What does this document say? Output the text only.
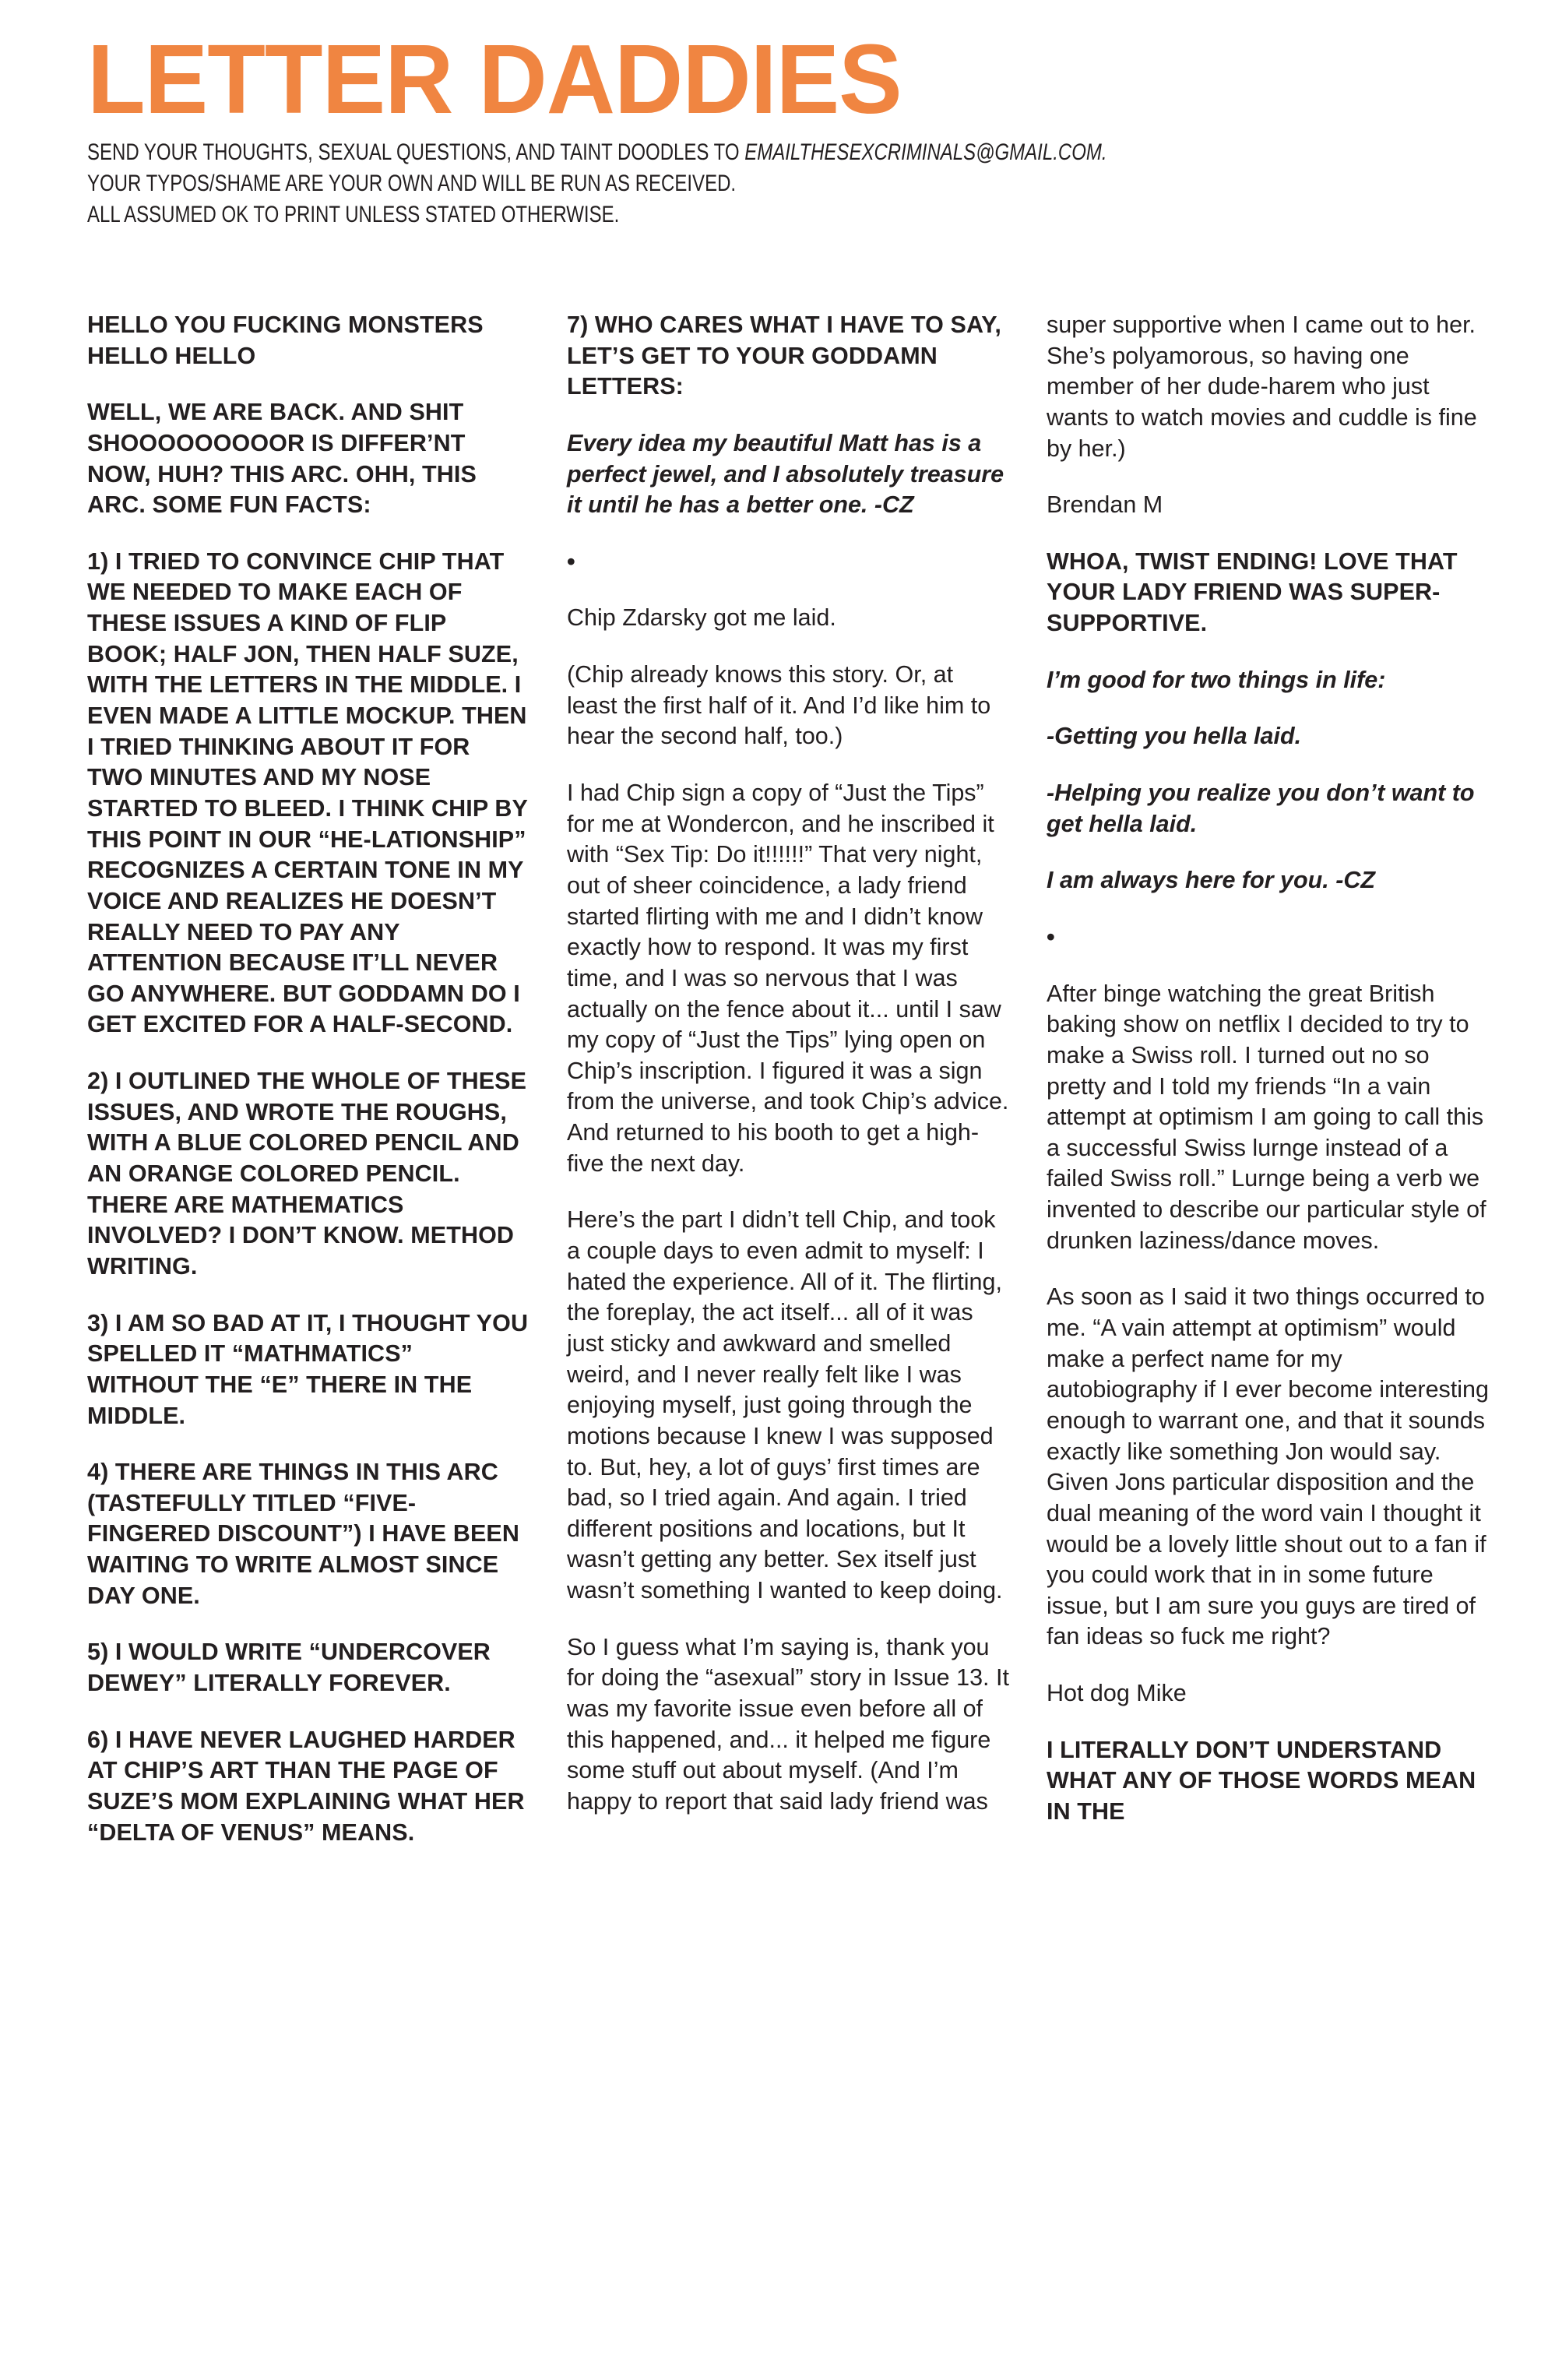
LETTER DADDIES
SEND YOUR THOUGHTS, SEXUAL QUESTIONS, AND TAINT DOODLES TO EMAILTHESEXCRIMINALS@GMAIL.COM.
YOUR TYPOS/SHAME ARE YOUR OWN AND WILL BE RUN AS RECEIVED.
ALL ASSUMED OK TO PRINT UNLESS STATED OTHERWISE.

HELLO YOU FUCKING MONSTERS HELLO HELLO

WELL, WE ARE BACK. AND SHIT SHOOOOOOOOOR IS DIFFER’NT NOW, HUH? THIS ARC. OHH, THIS ARC. SOME FUN FACTS:

1) I TRIED TO CONVINCE CHIP THAT WE NEEDED TO MAKE EACH OF THESE ISSUES A KIND OF FLIP BOOK; HALF JON, THEN HALF SUZE, WITH THE LETTERS IN THE MIDDLE. I EVEN MADE A LITTLE MOCKUP. THEN I TRIED THINKING ABOUT IT FOR TWO MINUTES AND MY NOSE STARTED TO BLEED. I THINK CHIP BY THIS POINT IN OUR “HE-LATIONSHIP” RECOGNIZES A CERTAIN TONE IN MY VOICE AND REALIZES HE DOESN’T REALLY NEED TO PAY ANY ATTENTION BECAUSE IT’LL NEVER GO ANYWHERE. BUT GODDAMN DO I GET EXCITED FOR A HALF-SECOND.

2) I OUTLINED THE WHOLE OF THESE ISSUES, AND WROTE THE ROUGHS, WITH A BLUE COLORED PENCIL AND AN ORANGE COLORED PENCIL. THERE ARE MATHEMATICS INVOLVED? I DON’T KNOW. METHOD WRITING.

3) I AM SO BAD AT IT, I THOUGHT YOU SPELLED IT “MATHMATICS” WITHOUT THE “E” THERE IN THE MIDDLE.

4) THERE ARE THINGS IN THIS ARC (TASTEFULLY TITLED “FIVE-FINGERED DISCOUNT”) I HAVE BEEN WAITING TO WRITE ALMOST SINCE DAY ONE.

5) I WOULD WRITE “UNDERCOVER DEWEY” LITERALLY FOREVER.

6) I HAVE NEVER LAUGHED HARDER AT CHIP’S ART THAN THE PAGE OF SUZE’S MOM EXPLAINING WHAT HER “DELTA OF VENUS” MEANS.

7) WHO CARES WHAT I HAVE TO SAY, LET’S GET TO YOUR GODDAMN LETTERS:

Every idea my beautiful Matt has is a perfect jewel, and I absolutely treasure it until he has a better one. -CZ

•

Chip Zdarsky got me laid.

(Chip already knows this story. Or, at least the first half of it. And I’d like him to hear the second half, too.)

I had Chip sign a copy of “Just the Tips” for me at Wondercon, and he inscribed it with “Sex Tip: Do it!!!!!!” That very night, out of sheer coincidence, a lady friend started flirting with me and I didn’t know exactly how to respond. It was my first time, and I was so nervous that I was actually on the fence about it... until I saw my copy of “Just the Tips” lying open on Chip’s inscription. I figured it was a sign from the universe, and took Chip’s advice. And returned to his booth to get a high-five the next day.

Here’s the part I didn’t tell Chip, and took a couple days to even admit to myself: I hated the experience. All of it. The flirting, the foreplay, the act itself... all of it was just sticky and awkward and smelled weird, and I never really felt like I was enjoying myself, just going through the motions because I knew I was supposed to. But, hey, a lot of guys’ first times are bad, so I tried again. And again. I tried different positions and locations, but It wasn’t getting any better. Sex itself just wasn’t something I wanted to keep doing.

So I guess what I’m saying is, thank you for doing the “asexual” story in Issue 13. It was my favorite issue even before all of this happened, and... it helped me figure some stuff out about myself. (And I’m happy to report that said lady friend was

super supportive when I came out to her. She’s polyamorous, so having one member of her dude-harem who just wants to watch movies and cuddle is fine by her.)

Brendan M

WHOA, TWIST ENDING! LOVE THAT YOUR LADY FRIEND WAS SUPER-SUPPORTIVE.

I’m good for two things in life:

-Getting you hella laid.

-Helping you realize you don’t want to get hella laid.

I am always here for you. -CZ

•

After binge watching the great British baking show on netflix I decided to try to make a Swiss roll. I turned out no so pretty and I told my friends “In a vain attempt at optimism I am going to call this a successful Swiss lurnge instead of a failed Swiss roll.” Lurnge being a verb we invented to describe our particular style of drunken laziness/dance moves.

As soon as I said it two things occurred to me. “A vain attempt at optimism” would make a perfect name for my autobiography if I ever become interesting enough to warrant one, and that it sounds exactly like something Jon would say. Given Jons particular disposition and the dual meaning of the word vain I thought it would be a lovely little shout out to a fan if you could work that in in some future issue, but I am sure you guys are tired of fan ideas so fuck me right?

Hot dog Mike

I LITERALLY DON’T UNDERSTAND WHAT ANY OF THOSE WORDS MEAN IN THE
